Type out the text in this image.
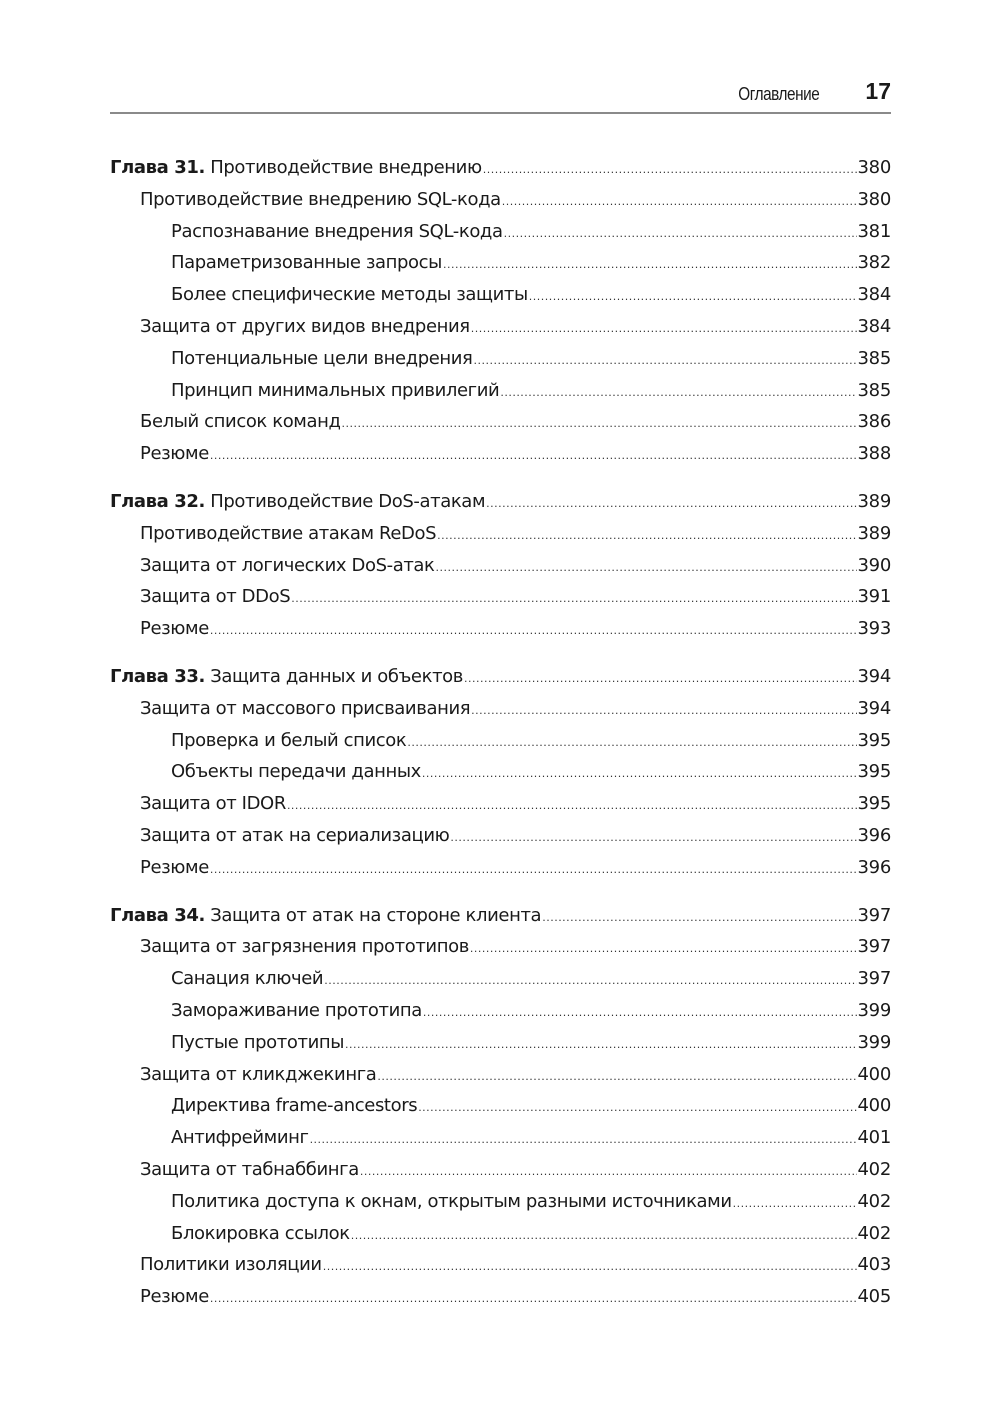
Оглавление 17
Глава 31. Противодействие внедрению .....	380
Противодействие внедрению SQL-кода .....	380
Распознавание внедрения SQL-кода .....	381
Параметризованные запросы .....	382
Более специфические методы защиты .....	384
Защита от других видов внедрения .....	384
Потенциальные цели внедрения .....	385
Принцип минимальных привилегий .....	385
Белый список команд .....	386
Резюме .....	388
Глава 32. Противодействие DoS-атакам .....	389
Противодействие атакам ReDoS .....	389
Защита от логических DoS-атак .....	390
Защита от DDoS .....	391
Резюме .....	393
Глава 33. Защита данных и объектов .....	394
Защита от массового присваивания .....	394
Проверка и белый список .....	395
Объекты передачи данных .....	395
Защита от IDOR .....	395
Защита от атак на сериализацию .....	396
Резюме .....	396
Глава 34. Защита от атак на стороне клиента .....	397
Защита от загрязнения прототипов .....	397
Санация ключей .....	397
Замораживание прототипа .....	399
Пустые прототипы .....	399
Защита от кликджекинга .....	400
Директива frame-ancestors .....	400
Антифрейминг .....	401
Защита от табнаббинга .....	402
Политика доступа к окнам, открытым разными источниками .....	402
Блокировка ссылок .....	402
Политики изоляции .....	403
Резюме .....	405
